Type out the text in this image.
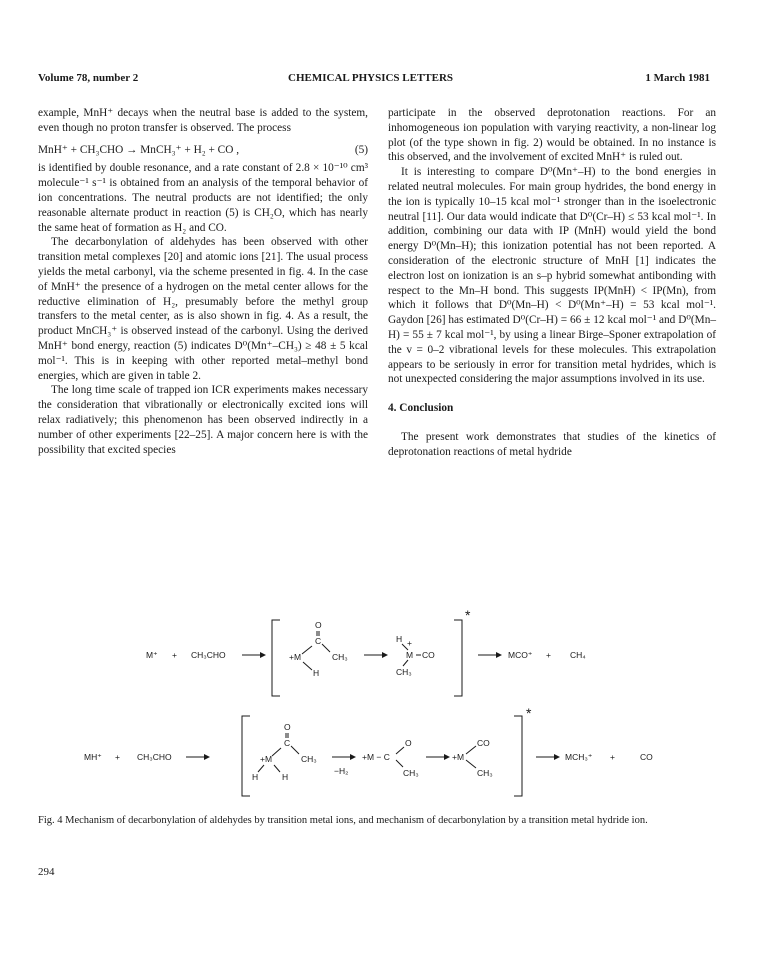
Volume 78, number 2	CHEMICAL PHYSICS LETTERS	1 March 1981

example, MnH⁺ decays when the neutral base is added to the system, even though no proton transfer is observed. The process

MnH⁺ + CH₃CHO → MnCH₃⁺ + H₂ + CO ,	(5)

is identified by double resonance, and a rate constant of 2.8 × 10⁻¹⁰ cm³ molecule⁻¹ s⁻¹ is obtained from an analysis of the temporal behavior of ion concentrations. The neutral products are not identified; the only reasonable alternate product in reaction (5) is CH₂O, which has nearly the same heat of formation as H₂ and CO.

The decarbonylation of aldehydes has been observed with other transition metal complexes [20] and atomic ions [21]. The usual process yields the metal carbonyl, via the scheme presented in fig. 4. In the case of MnH⁺ the presence of a hydrogen on the metal center allows for the reductive elimination of H₂, presumably before the methyl group transfers to the metal center, as is also shown in fig. 4. As a result, the product MnCH₃⁺ is observed instead of the carbonyl. Using the derived MnH⁺ bond energy, reaction (5) indicates D⁰(Mn⁺–CH₃) ≥ 48 ± 5 kcal mol⁻¹. This is in keeping with other reported metal–methyl bond energies, which are given in table 2.

The long time scale of trapped ion ICR experiments makes necessary the consideration that vibrationally or electronically excited ions will relax radiatively; this phenomenon has been observed indirectly in a number of other experiments [22–25]. A major concern here is with the possibility that excited species

participate in the observed deprotonation reactions. For an inhomogeneous ion population with varying reactivity, a non-linear log plot (of the type shown in fig. 2) would be obtained. In no instance is this observed, and the involvement of excited MnH⁺ is ruled out.

It is interesting to compare D⁰(Mn⁺–H) to the bond energies in related neutral molecules. For main group hydrides, the bond energy in the ion is typically 10–15 kcal mol⁻¹ stronger than in the isoelectronic neutral [11]. Our data would indicate that D⁰(Cr–H) ≤ 53 kcal mol⁻¹. In addition, combining our data with IP (MnH) would yield the bond energy D⁰(Mn–H); this ionization potential has not been reported. A consideration of the electronic structure of MnH [1] indicates the electron lost on ionization is an s–p hybrid somewhat antibonding with respect to the Mn–H bond. This suggests IP(MnH) < IP(Mn), from which it follows that D⁰(Mn–H) < D⁰(Mn⁺–H) = 53 kcal mol⁻¹. Gaydon [26] has estimated D⁰(Cr–H) = 66 ± 12 kcal mol⁻¹ and D⁰(Mn–H) = 55 ± 7 kcal mol⁻¹, by using a linear Birge–Sponer extrapolation of the v = 0–2 vibrational levels for these molecules. This extrapolation appears to be seriously in error for transition metal hydrides, which is not unexpected considering the major assumptions involved in its use.

4. Conclusion

The present work demonstrates that studies of the kinetics of deprotonation reactions of metal hydride

M⁺ + CH₃CHO
*
O
C
+M	CH₃
H
H +
M CO
CH₃
MCO⁺ + CH₄
MH⁺ + CH₃CHO
*
O
C
+M	CH₃
H	H
−H₂
+M − C
O
CH₃
+M
CO
CH₃
MCH₃⁺ +	CO
Fig. 4 Mechanism of decarbonylation of aldehydes by transition metal ions, and mechanism of decarbonylation by a transition metal hydride ion.
294
